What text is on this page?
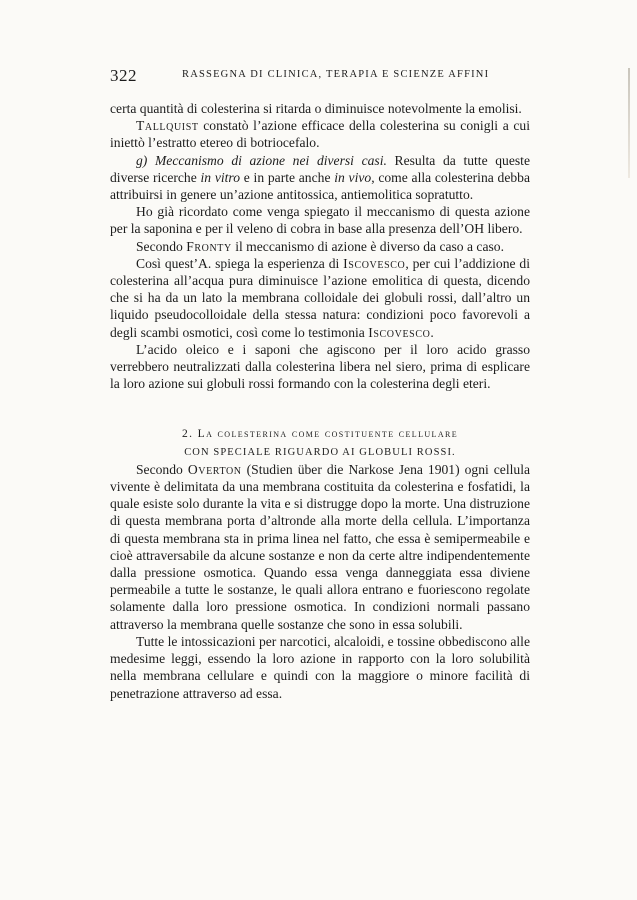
322	RASSEGNA DI CLINICA, TERAPIA E SCIENZE AFFINI

certa quantità di colesterina si ritarda o diminuisce notevolmente la emolisi.

Tallquist constatò l’azione efficace della colesterina su conigli a cui iniettò l’estratto etereo di botriocefalo.

g) Meccanismo di azione nei diversi casi. Resulta da tutte queste diverse ricerche in vitro e in parte anche in vivo, come alla colesterina debba attribuirsi in genere un’azione antitossica, antiemolitica sopratutto.

Ho già ricordato come venga spiegato il meccanismo di questa azione per la saponina e per il veleno di cobra in base alla presenza dell’OH libero.

Secondo Fronty il meccanismo di azione è diverso da caso a caso.

Così quest’A. spiega la esperienza di Iscovesco, per cui l’addizione di colesterina all’acqua pura diminuisce l’azione emolitica di questa, dicendo che si ha da un lato la membrana colloidale dei globuli rossi, dall’altro un liquido pseudocolloidale della stessa natura: condizioni poco favorevoli a degli scambi osmotici, così come lo testimonia Iscovesco.

L’acido oleico e i saponi che agiscono per il loro acido grasso verrebbero neutralizzati dalla colesterina libera nel siero, prima di esplicare la loro azione sui globuli rossi formando con la colesterina degli eteri.

2. La colesterina come costituente cellulare

CON SPECIALE RIGUARDO AI GLOBULI ROSSI.

Secondo Overton (Studien über die Narkose Jena 1901) ogni cellula vivente è delimitata da una membrana costituita da colesterina e fosfatidi, la quale esiste solo durante la vita e si distrugge dopo la morte. Una distruzione di questa membrana porta d’altronde alla morte della cellula. L’importanza di questa membrana sta in prima linea nel fatto, che essa è semipermeabile e cioè attraversabile da alcune sostanze e non da certe altre indipendentemente dalla pressione osmotica. Quando essa venga danneggiata essa diviene permeabile a tutte le sostanze, le quali allora entrano e fuoriescono regolate solamente dalla loro pressione osmotica. In condizioni normali passano attraverso la membrana quelle sostanze che sono in essa solubili.

Tutte le intossicazioni per narcotici, alcaloidi, e tossine obbediscono alle medesime leggi, essendo la loro azione in rapporto con la loro solubilità nella membrana cellulare e quindi con la maggiore o minore facilità di penetrazione attraverso ad essa.
